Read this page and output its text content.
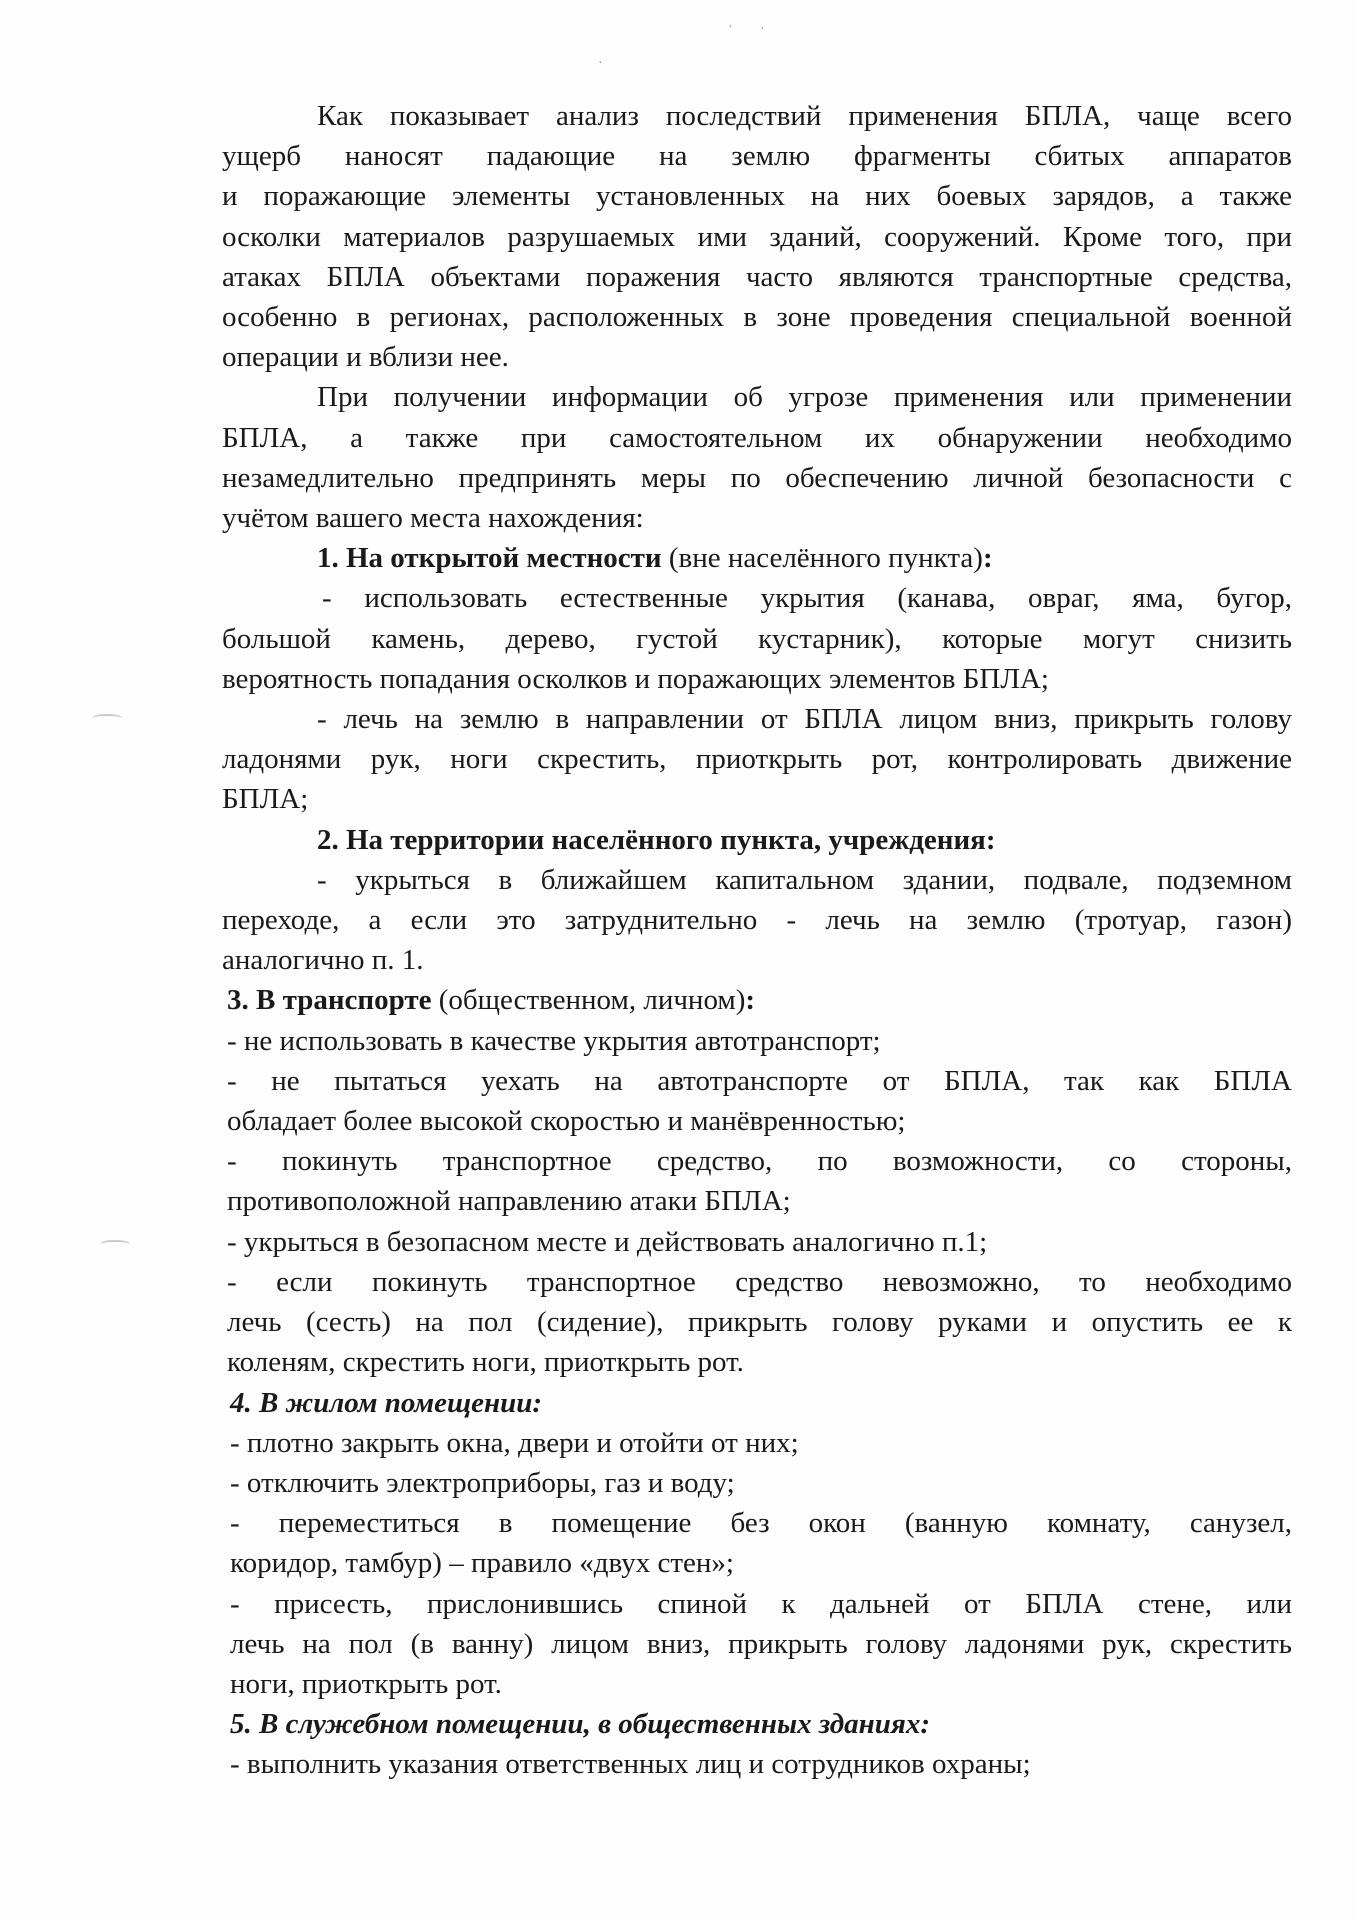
· ·
·
Как показывает анализ последствий применения БПЛА, чаще всего
ущерб наносят падающие на землю фрагменты сбитых аппаратов
и поражающие элементы установленных на них боевых зарядов, а также
осколки материалов разрушаемых ими зданий, сооружений. Кроме того, при
атаках БПЛА объектами поражения часто являются транспортные средства,
особенно в регионах, расположенных в зоне проведения специальной военной
операции и вблизи нее.
При получении информации об угрозе применения или применении
БПЛА, а также при самостоятельном их обнаружении необходимо
незамедлительно предпринять меры по обеспечению личной безопасности с
учётом вашего места нахождения:
1. На открытой местности (вне населённого пункта):
- использовать естественные укрытия (канава, овраг, яма, бугор,
большой камень, дерево, густой кустарник), которые могут снизить
вероятность попадания осколков и поражающих элементов БПЛА;
- лечь на землю в направлении от БПЛА лицом вниз, прикрыть голову
ладонями рук, ноги скрестить, приоткрыть рот, контролировать движение
БПЛА;
2. На территории населённого пункта, учреждения:
- укрыться в ближайшем капитальном здании, подвале, подземном
переходе, а если это затруднительно - лечь на землю (тротуар, газон)
аналогично п. 1.
3. В транспорте (общественном, личном):
- не использовать в качестве укрытия автотранспорт;
- не пытаться уехать на автотранспорте от БПЛА, так как БПЛА
обладает более высокой скоростью и манёвренностью;
- покинуть транспортное средство, по возможности, со стороны,
противоположной направлению атаки БПЛА;
- укрыться в безопасном месте и действовать аналогично п.1;
- если покинуть транспортное средство невозможно, то необходимо
лечь (сесть) на пол (сидение), прикрыть голову руками и опустить ее к
коленям, скрестить ноги, приоткрыть рот.
4. В жилом помещении:
- плотно закрыть окна, двери и отойти от них;
- отключить электроприборы, газ и воду;
- переместиться в помещение без окон (ванную комнату, санузел,
коридор, тамбур) – правило «двух стен»;
- присесть, прислонившись спиной к дальней от БПЛА стене, или
лечь на пол (в ванну) лицом вниз, прикрыть голову ладонями рук, скрестить
ноги, приоткрыть рот.
5. В служебном помещении, в общественных зданиях:
- выполнить указания ответственных лиц и сотрудников охраны;
